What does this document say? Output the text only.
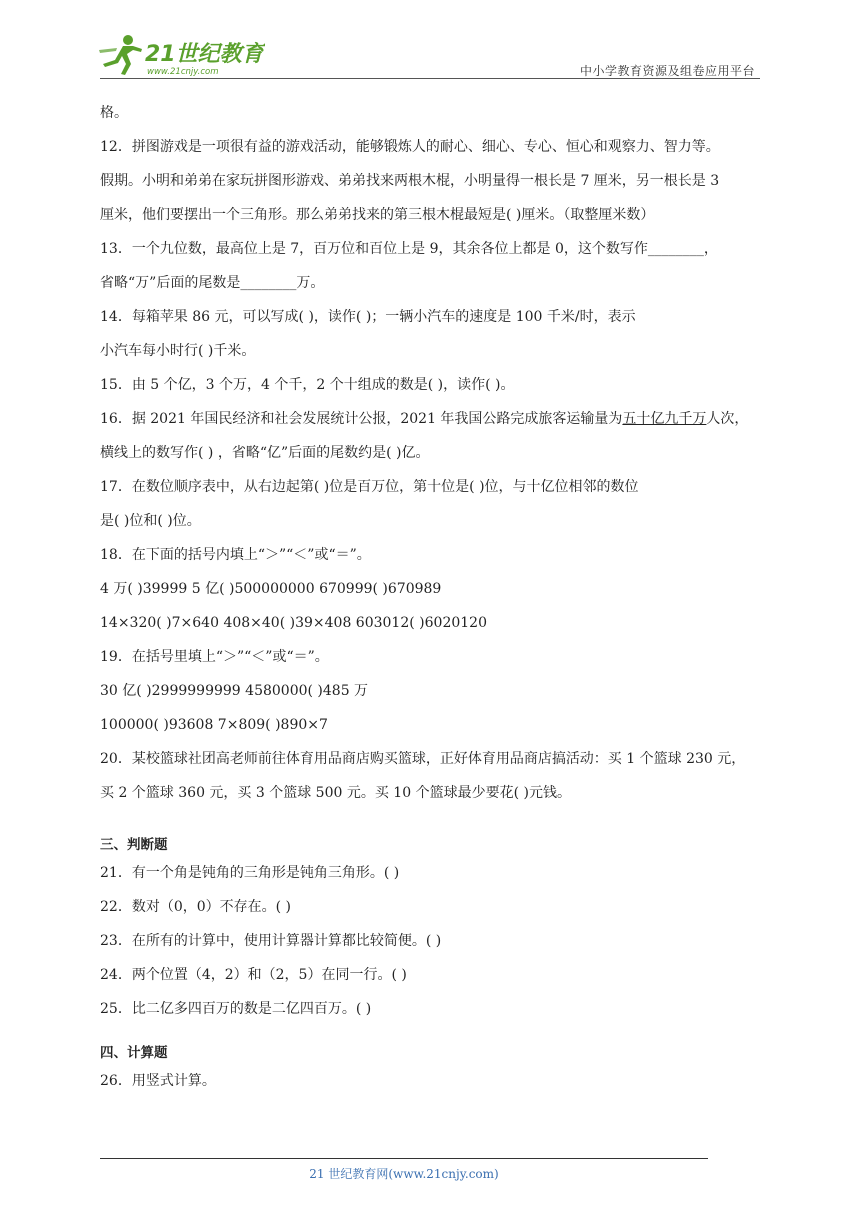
21世纪教育
www.21cnjy.com	中小学教育资源及组卷应用平台
格。
12．拼图游戏是一项很有益的游戏活动，能够锻炼人的耐心、细心、专心、恒心和观察力、智力等。
假期。小明和弟弟在家玩拼图形游戏、弟弟找来两根木棍，小明量得一根长是 7 厘米，另一根长是 3
厘米，他们要摆出一个三角形。那么弟弟找来的第三根木棍最短是( )厘米。（取整厘米数）
13．一个九位数，最高位上是 7，百万位和百位上是 9，其余各位上都是 0，这个数写作________，
省略“万”后面的尾数是________万。
14．每箱苹果 86 元，可以写成( )，读作( )；一辆小汽车的速度是 100 千米/时，表示
小汽车每小时行( )千米。
15．由 5 个亿，3 个万，4 个千，2 个十组成的数是( )，读作( )。
16．据 2021 年国民经济和社会发展统计公报，2021 年我国公路完成旅客运输量为五十亿九千万人次，
横线上的数写作( ) ，省略“亿”后面的尾数约是( )亿。
17．在数位顺序表中，从右边起第( )位是百万位，第十位是( )位，与十亿位相邻的数位
是( )位和( )位。
18．在下面的括号内填上“＞”“＜”或“＝”。
4 万( )39999 5 亿( )500000000 670999( )670989
14×320( )7×640 408×40( )39×408 603012( )6020120
19．在括号里填上“＞”“＜”或“＝”。
30 亿( )2999999999 4580000( )485 万
100000( )93608 7×809( )890×7
20．某校篮球社团高老师前往体育用品商店购买篮球，正好体育用品商店搞活动：买 1 个篮球 230 元，
买 2 个篮球 360 元，买 3 个篮球 500 元。买 10 个篮球最少要花( )元钱。
三、判断题
21．有一个角是钝角的三角形是钝角三角形。( )
22．数对（0，0）不存在。( )
23．在所有的计算中，使用计算器计算都比较简便。( )
24．两个位置（4，2）和（2，5）在同一行。( )
25．比二亿多四百万的数是二亿四百万。( )
四、计算题
26．用竖式计算。
21 世纪教育网(www.21cnjy.com)
